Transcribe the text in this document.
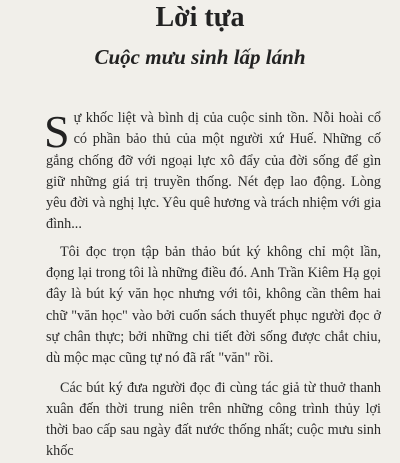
Lời tựa
Cuộc mưu sinh lấp lánh

Sự khốc liệt và bình dị của cuộc sinh tồn. Nỗi hoài cổ có phần bảo thủ của một người xứ Huế. Những cố gắng chống đỡ với ngoại lực xô đẩy của đời sống để gìn giữ những giá trị truyền thống. Nét đẹp lao động. Lòng yêu đời và nghị lực. Yêu quê hương và trách nhiệm với gia đình...

Tôi đọc trọn tập bản thảo bút ký không chỉ một lần, đọng lại trong tôi là những điều đó. Anh Trần Kiêm Hạ gọi đây là bút ký văn học nhưng với tôi, không cần thêm hai chữ "văn học" vào bởi cuốn sách thuyết phục người đọc ở sự chân thực; bởi những chi tiết đời sống được chắt chiu, dù mộc mạc cũng tự nó đã rất "văn" rồi.

Các bút ký đưa người đọc đi cùng tác giả từ thuở thanh xuân đến thời trung niên trên những công trình thủy lợi thời bao cấp sau ngày đất nước thống nhất; cuộc mưu sinh khốc
